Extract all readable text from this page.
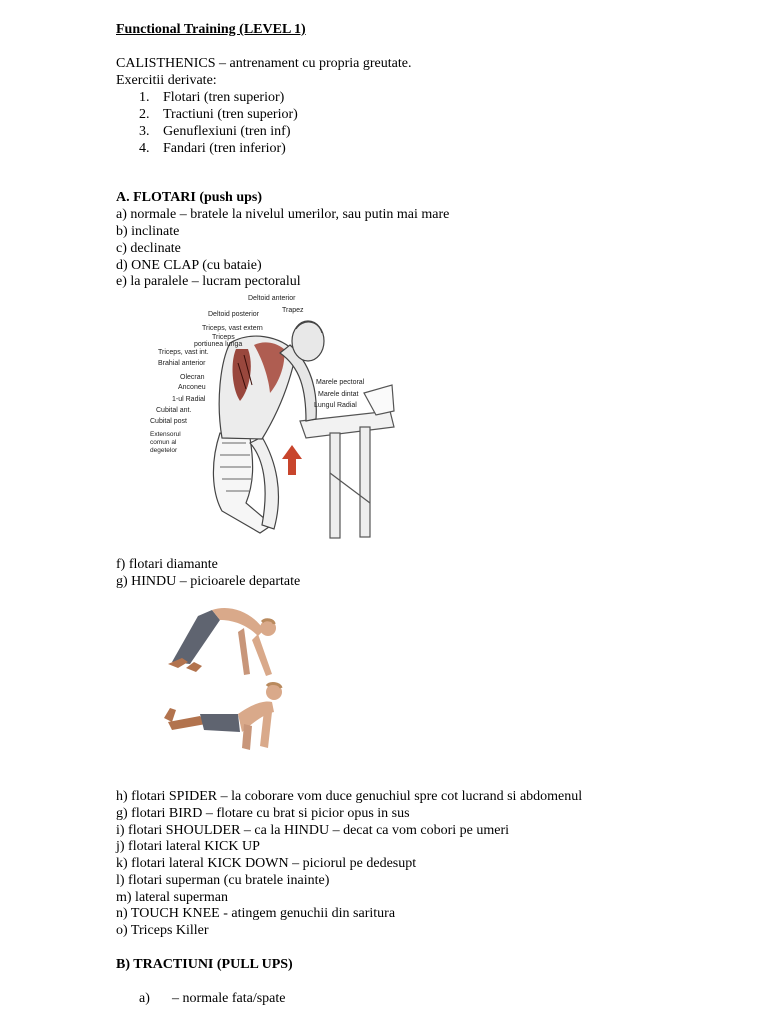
Functional Training (LEVEL 1)
CALISTHENICS – antrenament cu propria greutate.
Exercitii derivate:
1. Flotari (tren superior)
2. Tractiuni (tren superior)
3. Genuflexiuni (tren inf)
4. Fandari (tren inferior)
A. FLOTARI (push ups)
a) normale – bratele la nivelul umerilor, sau putin mai mare
b) inclinate
c) declinate
d) ONE CLAP (cu bataie)
e) la paralele – lucram pectoralul
Deltoid anterior
Trapez
Deltoid posterior
Triceps, vast extern
Triceps
portiunea lunga
Triceps, vast int.
Brahial anterior
Olecran
Anconeu
1-ul Radial
Cubital ant.
Cubital post
Extensorul comun al degetelor
Marele pectoral
Marele dintat
Lungul Radial
f) flotari diamante
g) HINDU – picioarele departate
h) flotari SPIDER – la coborare vom duce genuchiul spre cot lucrand si abdomenul
g) flotari BIRD – flotare cu brat si picior opus in sus
i) flotari SHOULDER – ca la HINDU – decat ca vom cobori pe umeri
j) flotari lateral KICK UP
k) flotari lateral KICK DOWN – piciorul pe dedesupt
l) flotari superman (cu bratele inainte)
m) lateral superman
n) TOUCH KNEE - atingem genuchii din saritura
o) Triceps Killer
B) TRACTIUNI (PULL UPS)
a) – normale fata/spate
